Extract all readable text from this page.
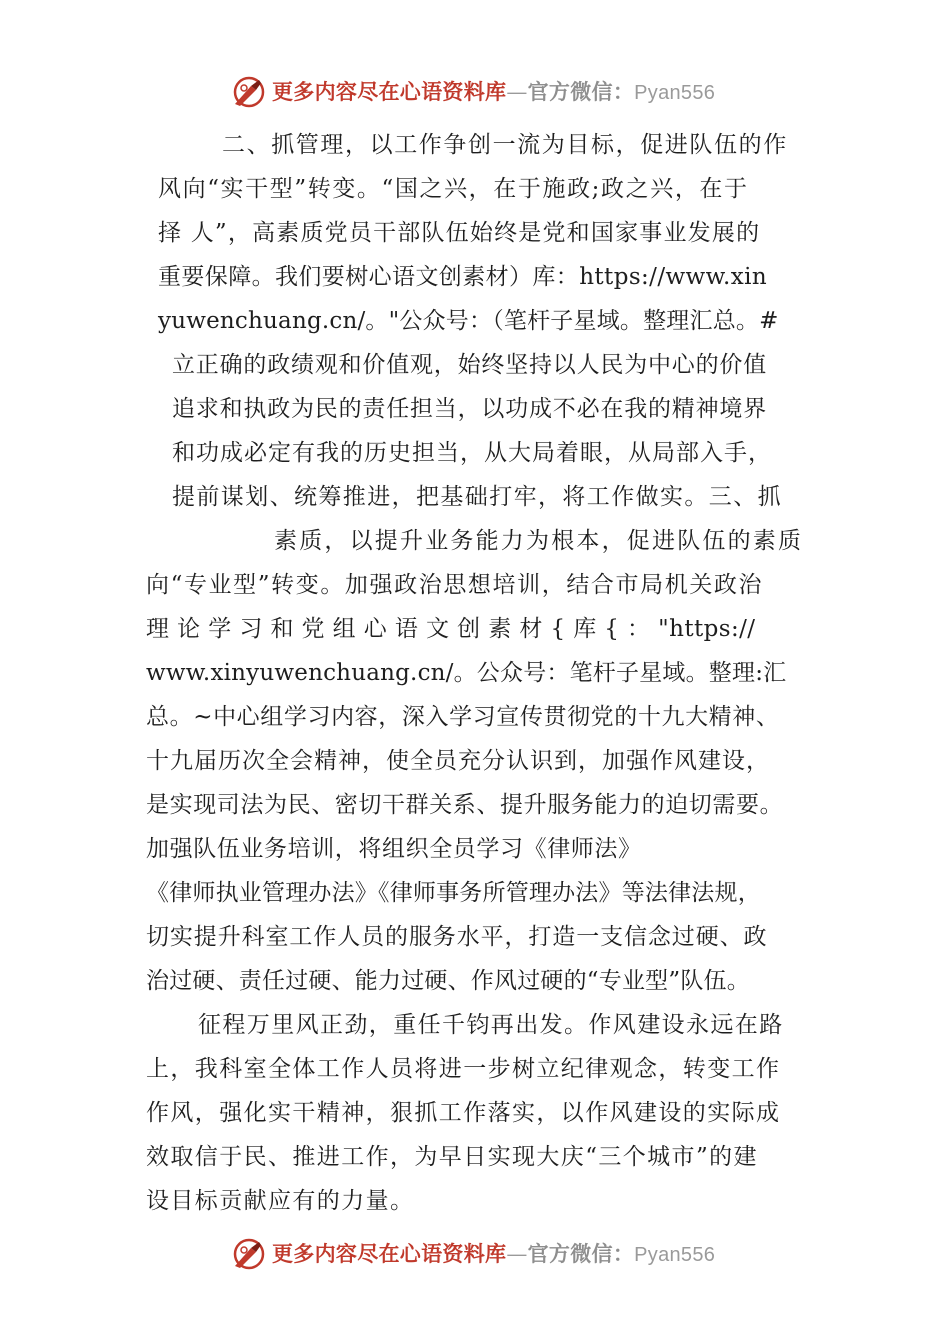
更多内容尽在心语资料库—官方微信：Pyan556
二、抓管理，以工作争创一流为目标，促进队伍的作
风向“实干型”转变。“国之兴，在于施政;政之兴，在于
择 人”，高素质党员干部队伍始终是党和国家事业发展的
重要保障。我们要树心语文创素材）库：https://www.xin
yuwenchuang.cn/。"公众号：（笔杆子星域。整理汇总。#
立正确的政绩观和价值观，始终坚持以人民为中心的价值
追求和执政为民的责任担当，以功成不必在我的精神境界
和功成必定有我的历史担当，从大局着眼，从局部入手，
提前谋划、统筹推进，把基础打牢，将工作做实。三、抓
素质，以提升业务能力为根本，促进队伍的素质
向“专业型”转变。加强政治思想培训，结合市局机关政治
理 论 学 习 和 党 组 心 语 文 创 素 材 { 库 { ： "https://
www.xinyuwenchuang.cn/。公众号：笔杆子星域。整理:汇
总。~中心组学习内容，深入学习宣传贯彻党的十九大精神、
十九届历次全会精神，使全员充分认识到，加强作风建设，
是实现司法为民、密切干群关系、提升服务能力的迫切需要。
加强队伍业务培训，将组织全员学习《律师法》
《律师执业管理办法》《律师事务所管理办法》等法律法规，
切实提升科室工作人员的服务水平，打造一支信念过硬、政
治过硬、责任过硬、能力过硬、作风过硬的“专业型”队伍。
征程万里风正劲，重任千钧再出发。作风建设永远在路
上，我科室全体工作人员将进一步树立纪律观念，转变工作
作风，强化实干精神，狠抓工作落实，以作风建设的实际成
效取信于民、推进工作，为早日实现大庆“三个城市”的建
设目标贡献应有的力量。
更多内容尽在心语资料库—官方微信：Pyan556
